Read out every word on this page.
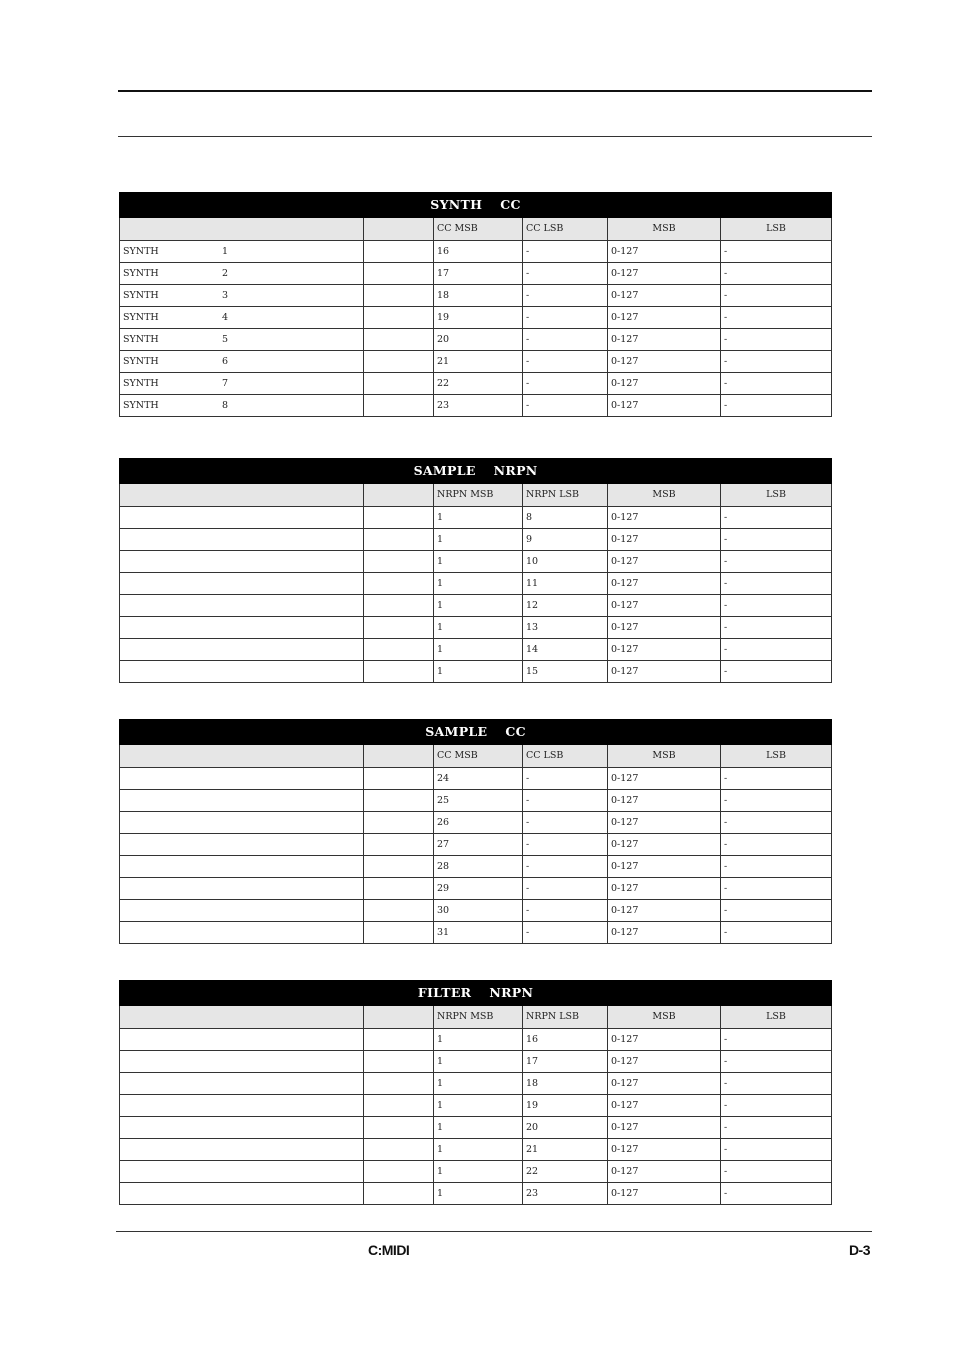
SYNTH CC					
		CC MSB	CC LSB	MSB	LSB
SYNTH 1		16	-	0-127	-
SYNTH 2		17	-	0-127	-
SYNTH 3		18	-	0-127	-
SYNTH 4		19	-	0-127	-
SYNTH 5		20	-	0-127	-
SYNTH 6		21	-	0-127	-
SYNTH 7		22	-	0-127	-
SYNTH 8		23	-	0-127	-
SAMPLE NRPN					
		NRPN MSB	NRPN LSB	MSB	LSB

		1	8	0-127	-

		1	9	0-127	-

		1	10	0-127	-

		1	11	0-127	-

		1	12	0-127	-

		1	13	0-127	-

		1	14	0-127	-

		1	15	0-127	-
SAMPLE CC					
		CC MSB	CC LSB	MSB	LSB

		24	-	0-127	-

		25	-	0-127	-

		26	-	0-127	-

		27	-	0-127	-

		28	-	0-127	-

		29	-	0-127	-

		30	-	0-127	-

		31	-	0-127	-
FILTER NRPN					
		NRPN MSB	NRPN LSB	MSB	LSB

		1	16	0-127	-

		1	17	0-127	-

		1	18	0-127	-

		1	19	0-127	-

		1	20	0-127	-

		1	21	0-127	-

		1	22	0-127	-

		1	23	0-127	-
C:MIDI	D-3
